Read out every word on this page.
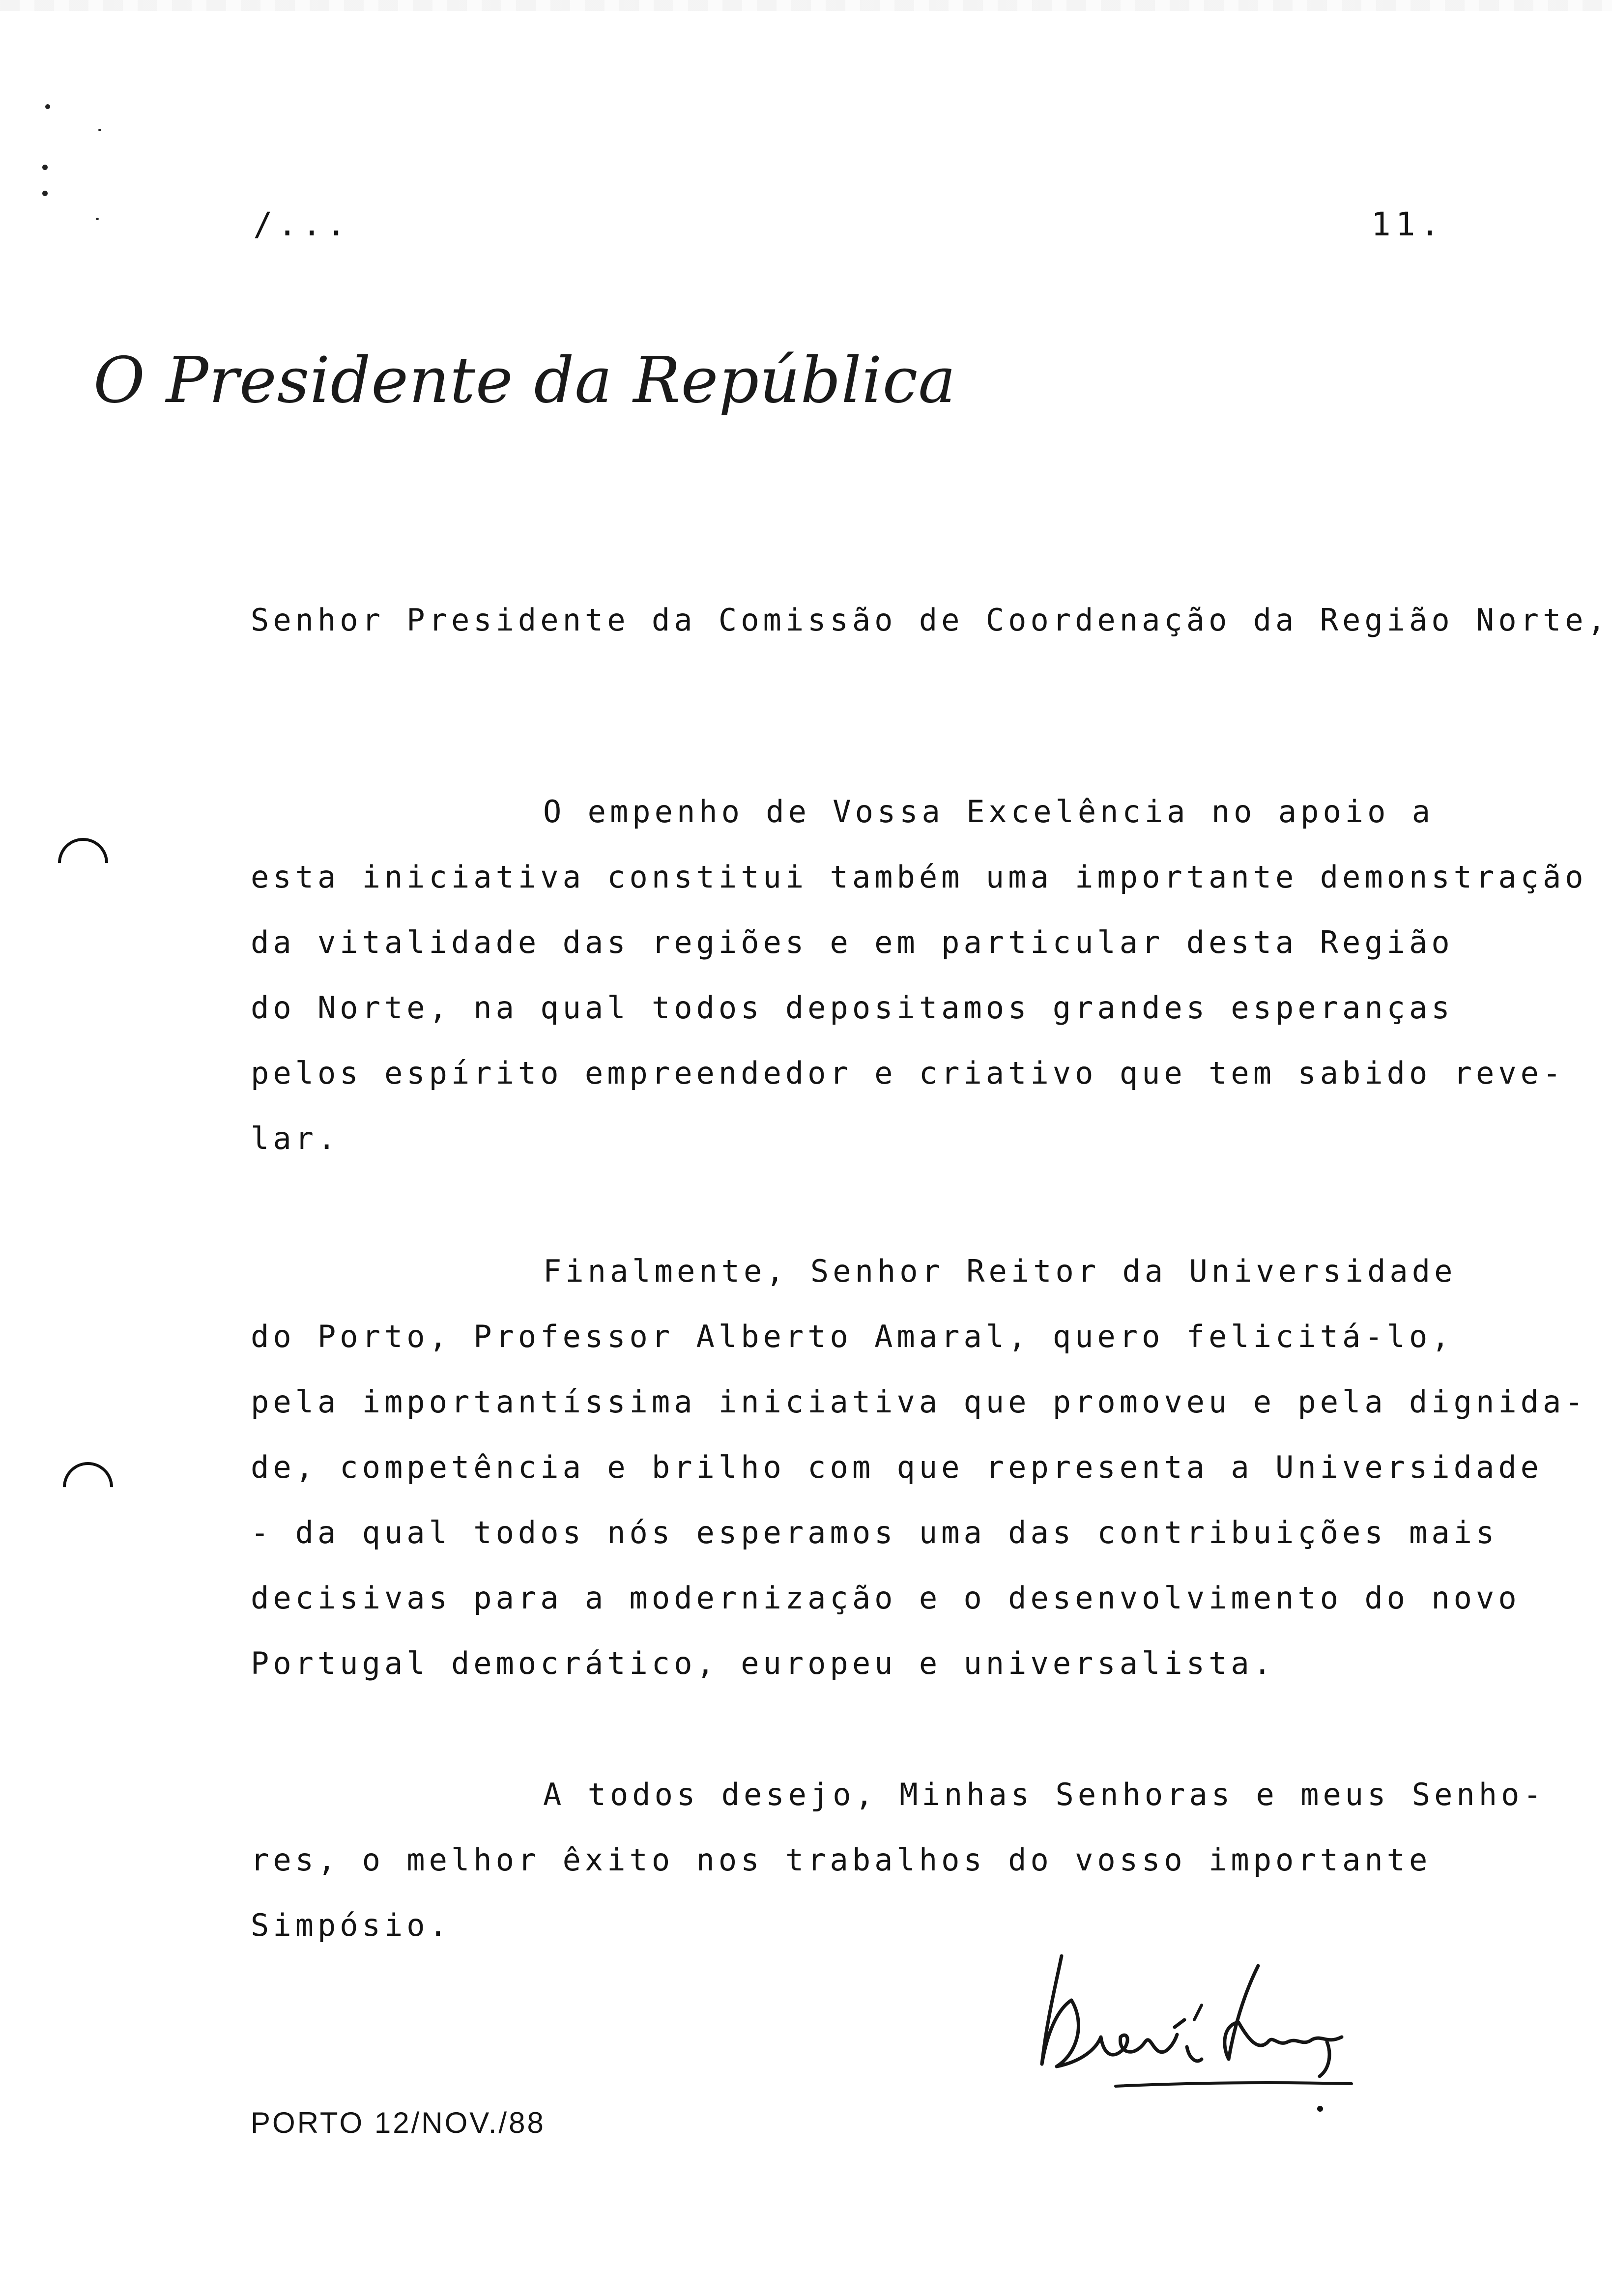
/...	11.
O Presidente da República
Senhor Presidente da Comissão de Coordenação da Região Norte,
O empenho de Vossa Excelência no apoio a
esta iniciativa constitui também uma importante demonstração
da vitalidade das regiões e em particular desta Região
do Norte, na qual todos depositamos grandes esperanças
pelos espírito empreendedor e criativo que tem sabido reve-
lar.
Finalmente, Senhor Reitor da Universidade
do Porto, Professor Alberto Amaral, quero felicitá-lo,
pela importantíssima iniciativa que promoveu e pela dignida-
de, competência e brilho com que representa a Universidade
- da qual todos nós esperamos uma das contribuições mais
decisivas para a modernização e o desenvolvimento do novo
Portugal democrático, europeu e universalista.
A todos desejo, Minhas Senhoras e meus Senho-
res, o melhor êxito nos trabalhos do vosso importante
Simpósio.
PORTO 12/NOV./88
